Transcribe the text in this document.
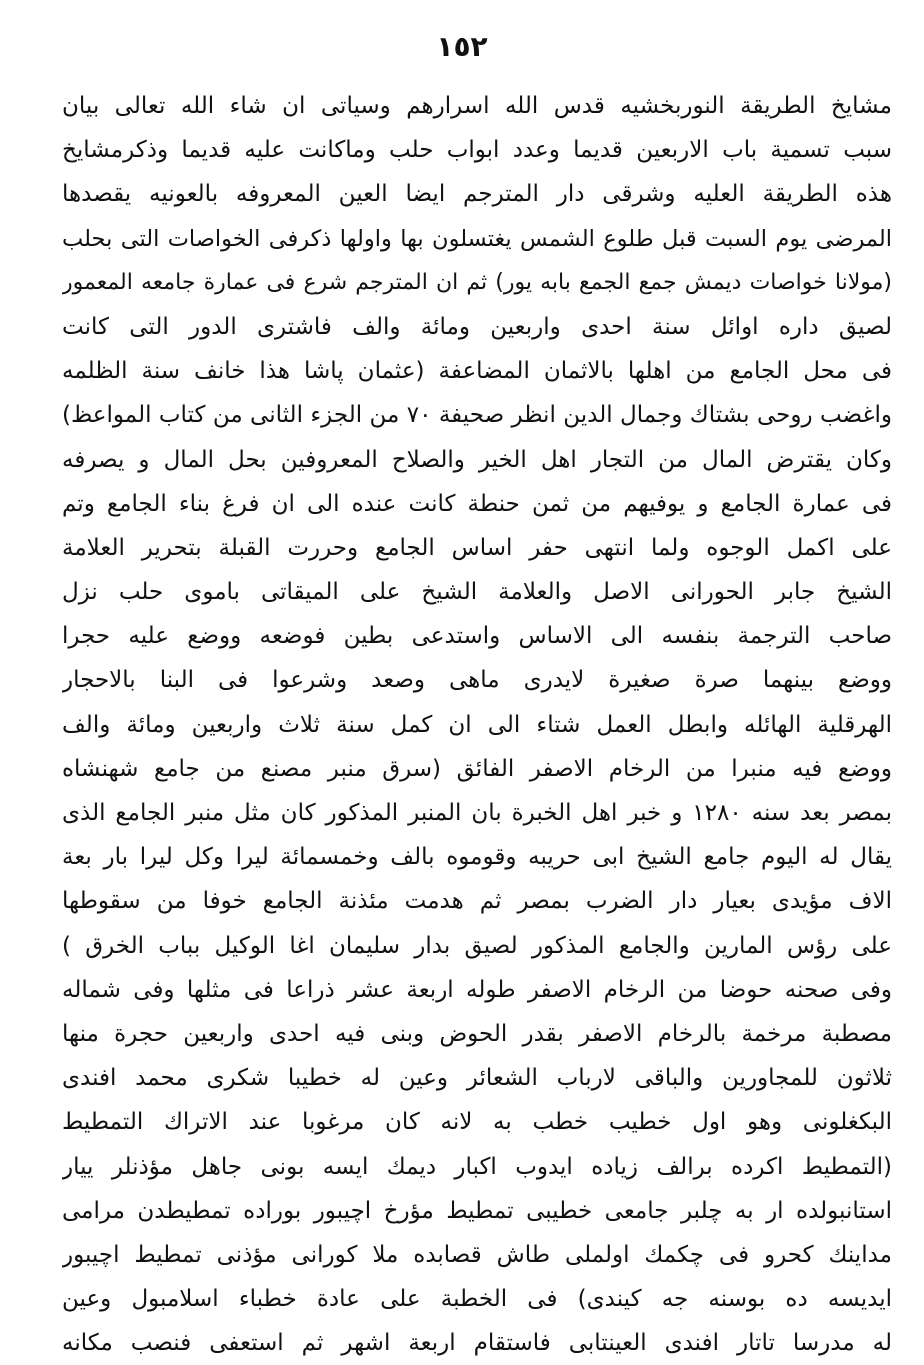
١٥٢
مشايخ الطريقة النوربخشيه قدس الله اسرارهم وسياتى ان شاء الله تعالى بيان
سبب تسمية باب الاربعين قديما وعدد ابواب حلب وماكانت عليه قديما وذكرمشايخ
هذه الطريقة العليه وشرقى دار المترجم ايضا العين المعروفه بالعونيه يقصدها
المرضى يوم السبت قبل طلوع الشمس يغتسلون بها واولها ذكرفى الخواصات التى بحلب
(مولانا خواصات ديمش جمع الجمع بابه يور) ثم ان المترجم شرع فى عمارة جامعه المعمور
لصيق داره اوائل سنة احدى واربعين ومائة والف فاشترى الدور التى كانت
فى محل الجامع من اهلها بالاثمان المضاعفة (عثمان پاشا هذا خانف سنة الظلمه
واغضب روحى بشتاك وجمال الدين انظر صحيفة ٧٠ من الجزء الثانى من كتاب المواعظ)
وكان يقترض المال من التجار اهل الخير والصلاح المعروفين بحل المال و يصرفه
فى عمارة الجامع و يوفيهم من ثمن حنطة كانت عنده الى ان فرغ بناء الجامع وتم
على اكمل الوجوه ولما انتهى حفر اساس الجامع وحررت القبلة بتحرير العلامة
الشيخ جابر الحورانى الاصل والعلامة الشيخ على الميقاتى باموى حلب نزل
صاحب الترجمة بنفسه الى الاساس واستدعى بطين فوضعه ووضع عليه حجرا
ووضع بينهما صرة صغيرة لايدرى ماهى وصعد وشرعوا فى البنا بالاحجار
الهرقلية الهائله وابطل العمل شتاء الى ان كمل سنة ثلاث واربعين ومائة والف
ووضع فيه منبرا من الرخام الاصفر الفائق (سرق منبر مصنع من جامع شهنشاه
بمصر بعد سنه ١٢٨٠ و خبر اهل الخبرة بان المنبر المذكور كان مثل منبر الجامع الذى
يقال له اليوم جامع الشيخ ابى حريبه وقوموه بالف وخمسمائة ليرا وكل ليرا بار بعة
الاف مؤيدى بعيار دار الضرب بمصر ثم هدمت مئذنة الجامع خوفا من سقوطها
على رؤس المارين والجامع المذكور لصيق بدار سليمان اغا الوكيل بباب الخرق )
وفى صحنه حوضا من الرخام الاصفر طوله اربعة عشر ذراعا فى مثلها وفى شماله
مصطبة مرخمة بالرخام الاصفر بقدر الحوض وبنى فيه احدى واربعين حجرة منها
ثلاثون للمجاورين والباقى لارباب الشعائر وعين له خطيبا شكرى محمد افندى
البكغلونى وهو اول خطيب خطب به لانه كان مرغوبا عند الاتراك التمطيط
(التمطيط اكرده برالف زياده ايدوب اكبار ديمك ايسه بونى جاهل مؤذنلر ييار
استانبولده ار به چلبر جامعى خطيبى تمطيط مؤرخ اچيبور بوراده تمطيطدن مرامى
مداينك كحرو فى چكمك اولملى طاش قصابده ملا كورانى مؤذنى تمطيط اچيبور
ايديسه ده بوسنه جه كيندى) فى الخطبة على عادة خطباء اسلامبول وعين
له مدرسا تاتار افندى العينتابى فاستقام اربعة اشهر ثم استعفى فنصب مكانه
